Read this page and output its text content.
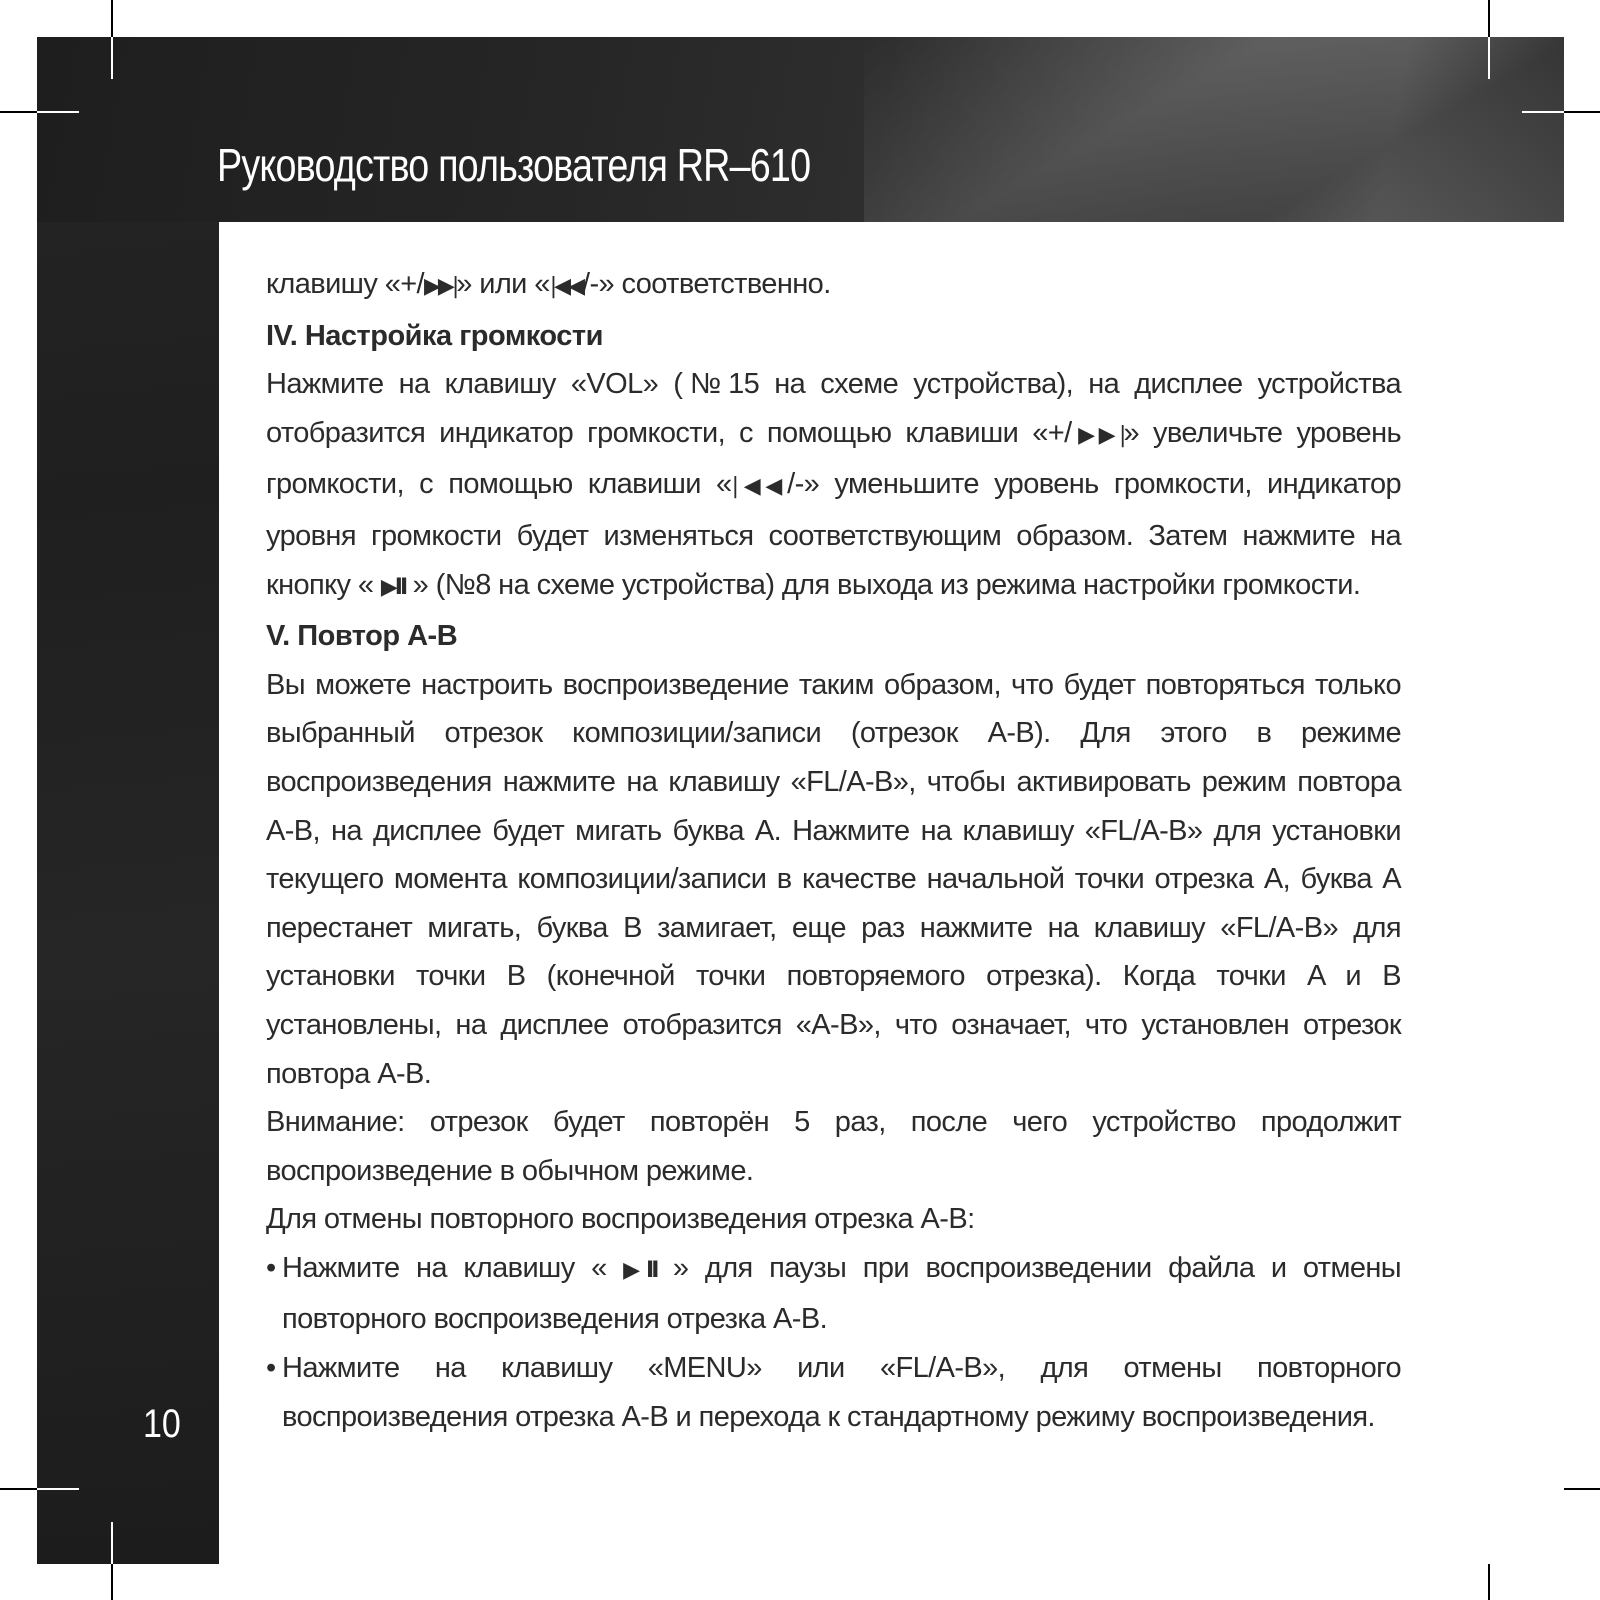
Руководство пользователя RR–610
10

клавишу «+/▶▶|» или «|◀◀/-» соответственно.

IV. Настройка громкости

Нажмите на клавишу «VOL» (№15 на схеме устройства), на дисплее устройства отобразится индикатор громкости, с помощью клавиши «+/▶▶|» увеличьте уровень громкости, с помощью клавиши «|◀◀/-» уменьшите уровень громкости, индикатор уровня громкости будет изменяться соответствующим образом. Затем нажмите на кнопку « ▶II » (№8 на схеме устройства) для выхода из режима настройки громкости.

V. Повтор A-B

Вы можете настроить воспроизведение таким образом, что будет повторяться только выбранный отрезок композиции/записи (отрезок A-B). Для этого в режиме воспроизведения нажмите на клавишу «FL/A-B», чтобы активировать режим повтора A-B, на дисплее будет мигать буква A. Нажмите на клавишу «FL/A-B» для установки текущего момента композиции/записи в качестве начальной точки отрезка A, буква A перестанет мигать, буква B замигает, еще раз нажмите на клавишу «FL/A-B» для установки точки B (конечной точки повторяемого отрезка). Когда точки A и B установлены, на дисплее отобразится «A-B», что означает, что установлен отрезок повтора A-B.

Внимание: отрезок будет повторён 5 раз, после чего устройство продолжит воспроизведение в обычном режиме.

Для отмены повторного воспроизведения отрезка A-B:

• Нажмите на клавишу « ▶II » для паузы при воспроизведении файла и отмены повторного воспроизведения отрезка A-B.
• Нажмите на клавишу «MENU» или «FL/A-B», для отмены повторного воспроизведения отрезка A-B и перехода к стандартному режиму воспроизведения.
